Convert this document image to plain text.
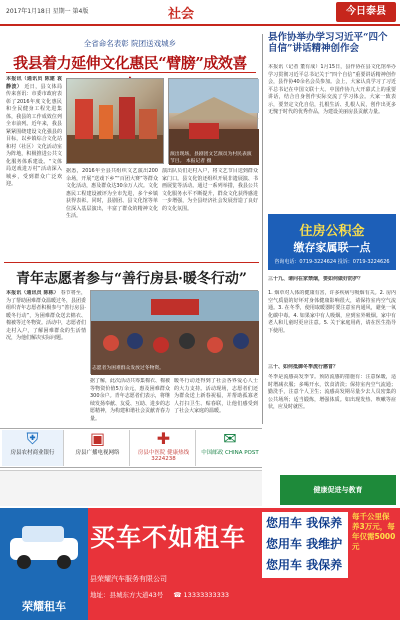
2017年1月18日 星期一 第4版	社会	今日泰县
全省命名表彰 院团送戏城乡
我县着力延伸文化惠民“臂膀”成效喜
本报讯（通讯员 陈建 袁静波） 近日，县文体局传来喜讯：市委市政府表彰了2016年度文化惠民和全民健身工程先进集体，我县的工作成效位列全市前列。近年来，我县紧紧围绕建设文化强县的目标，以乡镇综合文化站和村（社区）文化活动室为阵地，积极推进公共文化服务体系建设。“文体局送戏进万村”活动深入城乡，受到群众广泛欢迎。
演出现场，县剧团文艺演员为村民表演节目。 本报记者 摄
据悉，2016年全县共组织文艺演出200余场，开展“送戏下乡”“百团大赛”等群众文化活动，惠及群众达30余万人次。文化惠民工程建设被评为全市先进，多个乡镇获得表彰。同时，县剧团、县文化馆等单位深入基层演出，丰富了群众的精神文化生活。
演出队员们走村入户，将文艺节目送到群众家门口。县文化馆还组织开展非遗展演、书画展览等活动。通过一系列举措，我县公共文化服务水平不断提升，群众文化获得感进一步增强，为全县经济社会发展营造了良好的文化氛围。
青年志愿者参与“善行房县·暖冬行动”
本报讯（通讯员 陈栋） 春节将至，为了帮助困难群众温暖过冬，县团委组织青年志愿者积极参与“善行房县·暖冬行动”，为困难群众送去棉衣、棉被等过冬物资。活动中，志愿者们走村入户，了解困难群众的生活情况，为他们解决实际问题。
据了解，此次活动共筹集棉衣、棉被等物资价值5万余元，惠及困难群众300余户。青年志愿者们表示，将继续发扬奉献、友爱、互助、进步的志愿精神，为构建和谐社会贡献青春力量。
暖冬行动还得到了社会各界爱心人士的大力支持。活动现场，志愿者们还为群众送上新春祝福，并帮助孤寡老人打扫卫生、贴春联，让他们感受到了社会大家庭的温暖。
志愿者为困难群众发放过冬物资。
县作协举办学习习近平“四个自信”讲话精神创作会
本报讯（记者 董有成）1月15日，县作协在县文化馆举办学习贯彻习近平总书记关于“四个自信”重要讲话精神创作会，县作协40余名会员参加。会上，大家认真学习了习近平总书记在中国文联十大、中国作协九大开幕式上的重要讲话，结合自身创作实际交流了学习体会。大家一致表示，要坚定文化自信，扎根生活、扎根人民，创作出更多无愧于时代的优秀作品，为建设美丽房县贡献力量。
住房公积金
缴存家属联一点
咨询电话：0719-3224624 投诉：0719-3224626
三十九、请问在家禁烟，要如何做好防护？
1. 烟草对人体的健康有害，许多疾病与吸烟有关。2. 房内空气质量的好坏对身体健康影响很大，请保持室内空气流通。3. 在冬季，使用取暖器时要注意室内通风，避免一氧化碳中毒。4. 如果家中有人吸烟，应到室外吸烟。家中有老人和儿童时更应注意。5. 关于家庭用药，请在医生指导下使用。
三十、如何抵御冬季流行感冒？
冬季是流感高发季节。预防流感的措施有：注意保暖，适时增减衣服；多喝开水，饮食清淡；保持室内空气流通；勤洗手，注意个人卫生；流感高发期尽量少去人员密集的公共场所；适当锻炼，增强体质。如出现发热、咳嗽等症状，应及时就医。
⛨
房县农村商业银行
▣
房县广播电视网络
✚
房县中医院 健康热线 3224238
✉
中国邮政 CHINA POST
健康促进与教育
荣耀租车
买车不如租车	您用车 我保养
您用车 我维护
您用车 我保养
每千公里保养3万元，每年仅需5000元
县荣耀汽车服务有限公司
地址：县城东方大道43号 ☎ 13333333333
